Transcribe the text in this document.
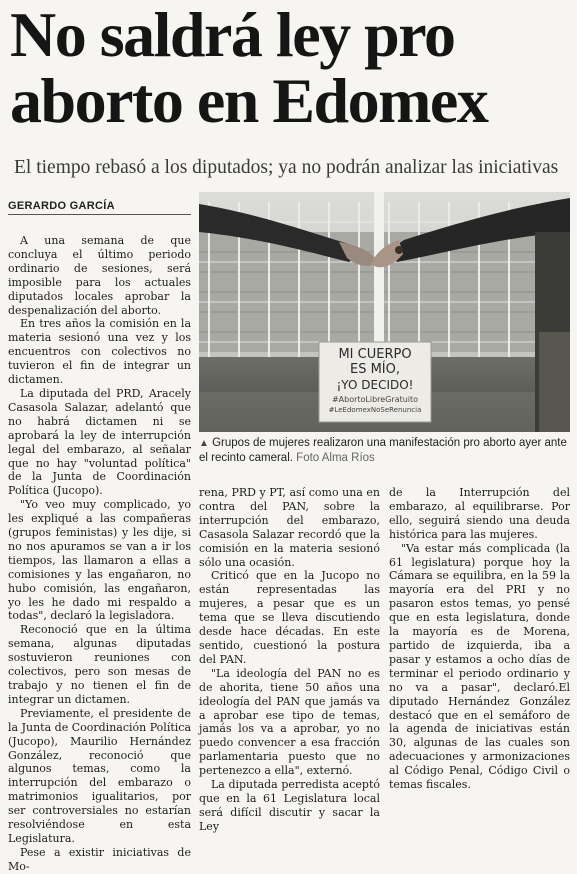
No saldrá ley pro
aborto en Edomex
El tiempo rebasó a los diputados; ya no podrán analizar las iniciativas
GERARDO GARCÍA

A una semana de que concluya el último periodo ordinario de sesiones, será imposible para los actuales diputados locales aprobar la despenalización del aborto.

En tres años la comisión en la materia sesionó una vez y los encuentros con colectivos no tuvieron el fin de integrar un dictamen.

La diputada del PRD, Aracely Casasola Salazar, adelantó que no habrá dictamen ni se aprobará la ley de interrupción legal del embarazo, al señalar que no hay "voluntad política" de la Junta de Coordinación Política (Jucopo).

"Yo veo muy complicado, yo les expliqué a las compañeras (grupos feministas) y les dije, si no nos apuramos se van a ir los tiempos, las llamaron a ellas a comisiones y las engañaron, no hubo comisión, las engañaron, yo les he dado mi respaldo a todas", declaró la legisladora.

Reconoció que en la última semana, algunas diputadas sostuvieron reuniones con colectivos, pero son mesas de trabajo y no tienen el fin de integrar un dictamen.

Previamente, el presidente de la Junta de Coordinación Política (Jucopo), Maurilio Hernández González, reconoció que algunos temas, como la interrupción del embarazo o matrimonios igualitarios, por ser controversiales no estarían resolviéndose en esta Legislatura.

Pese a existir iniciativas de Mo-

MI CUERPO
ES MÍO,
¡YO DECIDO!
#AbortoLibreGratuito
#LeEdomexNoSeRenuncia
▲ Grupos de mujeres realizaron una manifestación pro aborto ayer ante el recinto cameral. Foto Alma Ríos

rena, PRD y PT, así como una en contra del PAN, sobre la interrupción del embarazo, Casasola Salazar recordó que la comisión en la materia sesionó sólo una ocasión.

Criticó que en la Jucopo no están representadas las mujeres, a pesar que es un tema que se lleva discutiendo desde hace décadas. En este sentido, cuestionó la postura del PAN.

"La ideología del PAN no es de ahorita, tiene 50 años una ideología del PAN que jamás va a aprobar ese tipo de temas, jamás los va a aprobar, yo no puedo convencer a esa fracción parlamentaria puesto que no pertenezco a ella", externó.

La diputada perredista aceptó que en la 61 Legislatura local será difícil discutir y sacar la Ley

de la Interrupción del embarazo, al equilibrarse. Por ello, seguirá siendo una deuda histórica para las mujeres.

"Va estar más complicada (la 61 legislatura) porque hoy la Cámara se equilibra, en la 59 la mayoría era del PRI y no pasaron estos temas, yo pensé que en esta legislatura, donde la mayoría es de Morena, partido de izquierda, iba a pasar y estamos a ocho días de terminar el periodo ordinario y no va a pasar", declaró.El diputado Hernández González destacó que en el semáforo de la agenda de iniciativas están 30, algunas de las cuales son adecuaciones y armonizaciones al Código Penal, Código Civil o temas fiscales.
